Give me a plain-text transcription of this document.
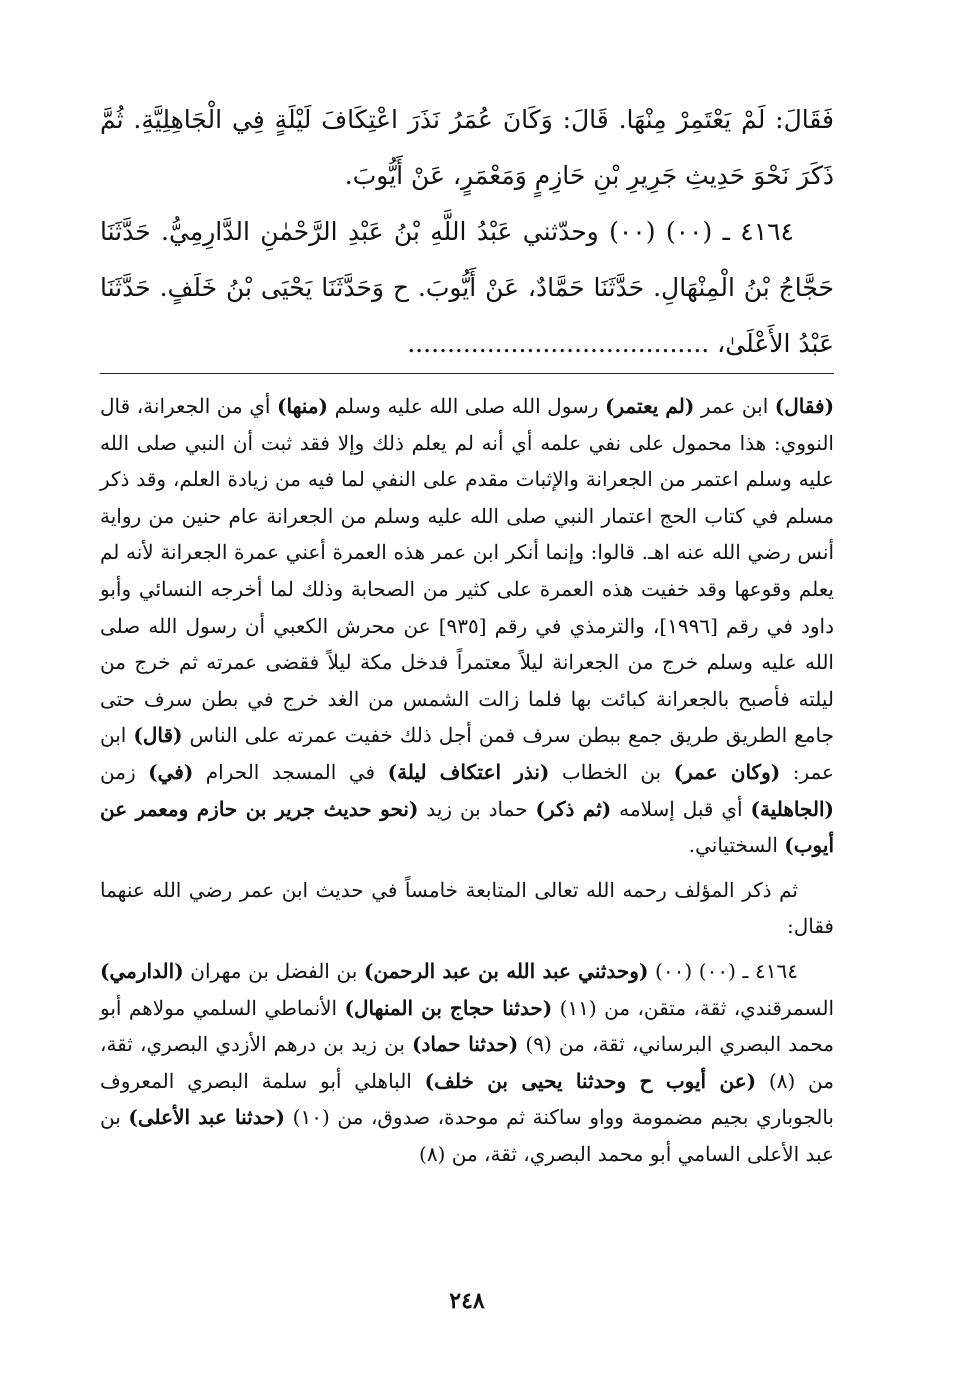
فَقَالَ: لَمْ يَعْتَمِرْ مِنْهَا. قَالَ: وَكَانَ عُمَرُ نَذَرَ اعْتِكَافَ لَيْلَةٍ فِي الْجَاهِلِيَّةِ. ثُمَّ ذَكَرَ نَحْوَ حَدِيثِ جَرِيرِ بْنِ حَازِمٍ وَمَعْمَرٍ، عَنْ أَيُّوبَ.

٤١٦٤ ـ (٠٠) (٠٠) وحدّثني عَبْدُ اللَّهِ بْنُ عَبْدِ الرَّحْمٰنِ الدَّارِمِيُّ. حَدَّثَنَا حَجَّاجُ بْنُ الْمِنْهَالِ. حَدَّثَنَا حَمَّادٌ، عَنْ أَيُّوبَ. ح وَحَدَّثَنَا يَحْيَى بْنُ خَلَفٍ. حَدَّثَنَا عَبْدُ الأَعْلَىٰ، ......................................

(فقال) ابن عمر (لم يعتمر) رسول الله صلى الله عليه وسلم (منها) أي من الجعرانة، قال النووي: هذا محمول على نفي علمه أي أنه لم يعلم ذلك وإلا فقد ثبت أن النبي صلى الله عليه وسلم اعتمر من الجعرانة والإثبات مقدم على النفي لما فيه من زيادة العلم، وقد ذكر مسلم في كتاب الحج اعتمار النبي صلى الله عليه وسلم من الجعرانة عام حنين من رواية أنس رضي الله عنه اهـ. قالوا: وإنما أنكر ابن عمر هذه العمرة أعني عمرة الجعرانة لأنه لم يعلم وقوعها وقد خفيت هذه العمرة على كثير من الصحابة وذلك لما أخرجه النسائي وأبو داود في رقم [١٩٩٦]، والترمذي في رقم [٩٣٥] عن محرش الكعبي أن رسول الله صلى الله عليه وسلم خرج من الجعرانة ليلاً معتمراً فدخل مكة ليلاً فقضى عمرته ثم خرج من ليلته فأصبح بالجعرانة كبائت بها فلما زالت الشمس من الغد خرج في بطن سرف حتى جامع الطريق طريق جمع ببطن سرف فمن أجل ذلك خفيت عمرته على الناس (قال) ابن عمر: (وكان عمر) بن الخطاب (نذر اعتكاف ليلة) في المسجد الحرام (في) زمن (الجاهلية) أي قبل إسلامه (ثم ذكر) حماد بن زيد (نحو حديث جرير بن حازم ومعمر عن أيوب) السختياني.

ثم ذكر المؤلف رحمه الله تعالى المتابعة خامساً في حديث ابن عمر رضي الله عنهما فقال:

٤١٦٤ ـ (٠٠) (٠٠) (وحدثني عبد الله بن عبد الرحمن) بن الفضل بن مهران (الدارمي) السمرقندي، ثقة، متقن، من (١١) (حدثنا حجاج بن المنهال) الأنماطي السلمي مولاهم أبو محمد البصري البرساني، ثقة، من (٩) (حدثنا حماد) بن زيد بن درهم الأزدي البصري، ثقة، من (٨) (عن أيوب ح وحدثنا يحيى بن خلف) الباهلي أبو سلمة البصري المعروف بالجوباري بجيم مضمومة وواو ساكنة ثم موحدة، صدوق، من (١٠) (حدثنا عبد الأعلى) بن عبد الأعلى السامي أبو محمد البصري، ثقة، من (٨)

٢٤٨
